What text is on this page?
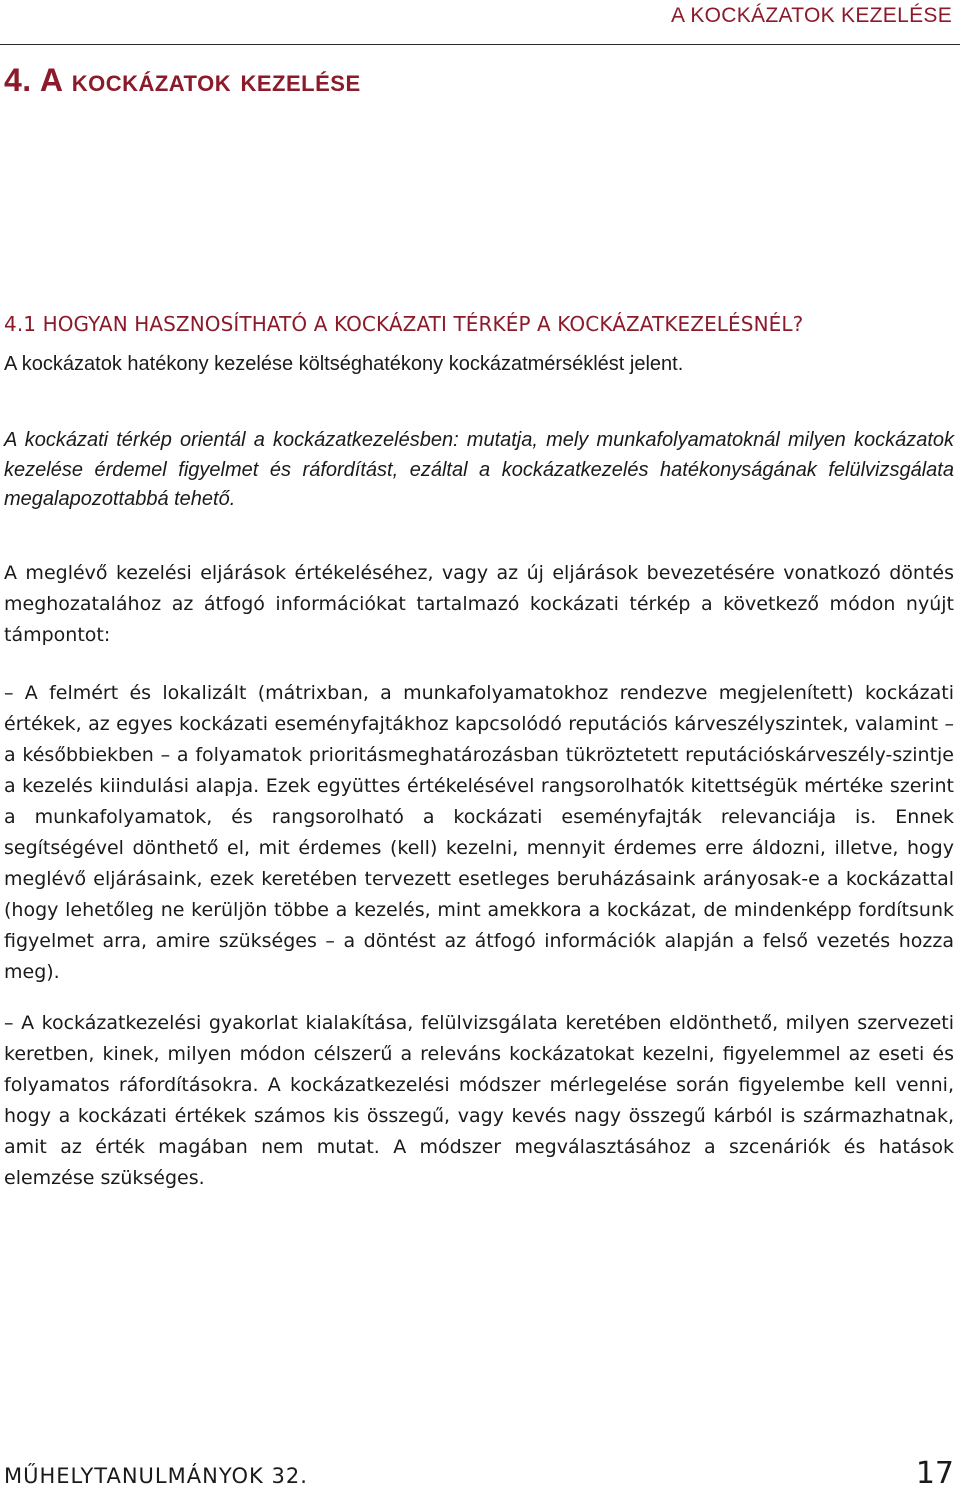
A KOCKÁZATOK KEZELÉSE
4. A kockázatok kezelése
4.1 HOGYAN HASZNOSÍTHATÓ A KOCKÁZATI TÉRKÉP A KOCKÁZATKEZELÉSNÉL?

A kockázatok hatékony kezelése költséghatékony kockázatmérséklést jelent.

A kockázati térkép orientál a kockázatkezelésben: mutatja, mely munkafolyamatoknál milyen kockázatok kezelése érdemel figyelmet és ráfordítást, ezáltal a kockázatkezelés hatékonyságának felülvizsgálata megalapozottabbá tehető.

A meglévő kezelési eljárások értékeléséhez, vagy az új eljárások bevezetésére vonatkozó döntés meghozatalához az átfogó információkat tartalmazó kockázati térkép a következő módon nyújt támpontot:

– A felmért és lokalizált (mátrixban, a munkafolyamatokhoz rendezve megjelenített) kockázati értékek, az egyes kockázati eseményfajtákhoz kapcsolódó reputációs kárveszélyszintek, valamint – a későbbiekben – a folyamatok prioritásmeghatározásban tükröztetett reputációskárveszély-szintje a kezelés kiindulási alapja. Ezek együttes értékelésével rangsorolhatók kitettségük mértéke szerint a munkafolyamatok, és rangsorolható a kockázati eseményfajták relevanciája is. Ennek segítségével dönthető el, mit érdemes (kell) kezelni, mennyit érdemes erre áldozni, illetve, hogy meglévő eljárásaink, ezek keretében tervezett esetleges beruházásaink arányosak-e a kockázattal (hogy lehetőleg ne kerüljön többe a kezelés, mint amekkora a kockázat, de mindenképp fordítsunk figyelmet arra, amire szükséges – a döntést az átfogó információk alapján a felső vezetés hozza meg).

– A kockázatkezelési gyakorlat kialakítása, felülvizsgálata keretében eldönthető, milyen szervezeti keretben, kinek, milyen módon célszerű a releváns kockázatokat kezelni, figyelemmel az eseti és folyamatos ráfordításokra. A kockázatkezelési módszer mérlegelése során figyelembe kell venni, hogy a kockázati értékek számos kis összegű, vagy kevés nagy összegű kárból is származhatnak, amit az érték magában nem mutat. A módszer megválasztásához a szcenáriók és hatások elemzése szükséges.

MŰHELYTANULMÁNYOK 32.	17
